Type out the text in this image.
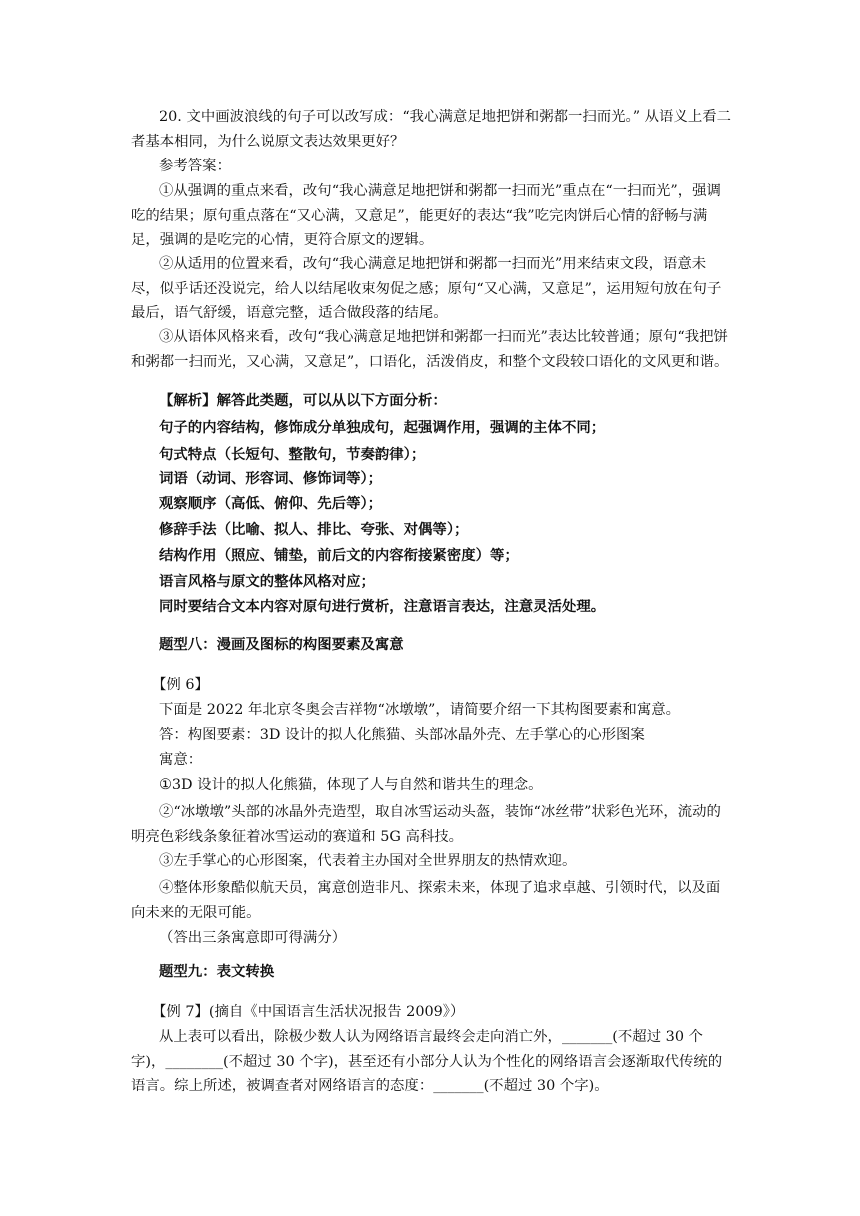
20. 文中画波浪线的句子可以改写成：“我心满意足地把饼和粥都一扫而光。” 从语义上看二者基本相同，为什么说原文表达效果更好？

参考答案：

①从强调的重点来看，改句“我心满意足地把饼和粥都一扫而光”重点在“一扫而光”，强调吃的结果；原句重点落在“又心满，又意足”，能更好的表达“我”吃完肉饼后心情的舒畅与满足，强调的是吃完的心情，更符合原文的逻辑。

②从适用的位置来看，改句“我心满意足地把饼和粥都一扫而光”用来结束文段，语意未尽，似乎话还没说完，给人以结尾收束匆促之感；原句“又心满，又意足”，运用短句放在句子最后，语气舒缓，语意完整，适合做段落的结尾。

③从语体风格来看，改句“我心满意足地把饼和粥都一扫而光”表达比较普通；原句“我把饼和粥都一扫而光，又心满，又意足”，口语化，活泼俏皮，和整个文段较口语化的文风更和谐。

【解析】解答此类题，可以从以下方面分析：

句子的内容结构，修饰成分单独成句，起强调作用，强调的主体不同；

句式特点（长短句、整散句，节奏韵律）；

词语（动词、形容词、修饰词等）；

观察顺序（高低、俯仰、先后等）；

修辞手法（比喻、拟人、排比、夸张、对偶等）；

结构作用（照应、铺垫，前后文的内容衔接紧密度）等；

语言风格与原文的整体风格对应；

同时要结合文本内容对原句进行赏析，注意语言表达，注意灵活处理。

题型八：漫画及图标的构图要素及寓意

【例 6】

下面是 2022 年北京冬奥会吉祥物“冰墩墩”，请简要介绍一下其构图要素和寓意。

答：构图要素：3D 设计的拟人化熊猫、头部冰晶外壳、左手掌心的心形图案

寓意：

①3D 设计的拟人化熊猫，体现了人与自然和谐共生的理念。

②“冰墩墩”头部的冰晶外壳造型，取自冰雪运动头盔，装饰“冰丝带”状彩色光环，流动的明亮色彩线条象征着冰雪运动的赛道和 5G 高科技。

③左手掌心的心形图案，代表着主办国对全世界朋友的热情欢迎。

④整体形象酷似航天员，寓意创造非凡、探索未来，体现了追求卓越、引领时代，以及面向未来的无限可能。

（答出三条寓意即可得满分）

题型九：表文转换

【例 7】(摘自《中国语言生活状况报告 2009》）

从上表可以看出，除极少数人认为网络语言最终会走向消亡外，_______(不超过 30 个字)，________(不超过 30 个字)，甚至还有小部分人认为个性化的网络语言会逐渐取代传统的语言。综上所述，被调查者对网络语言的态度：_______(不超过 30 个字)。
